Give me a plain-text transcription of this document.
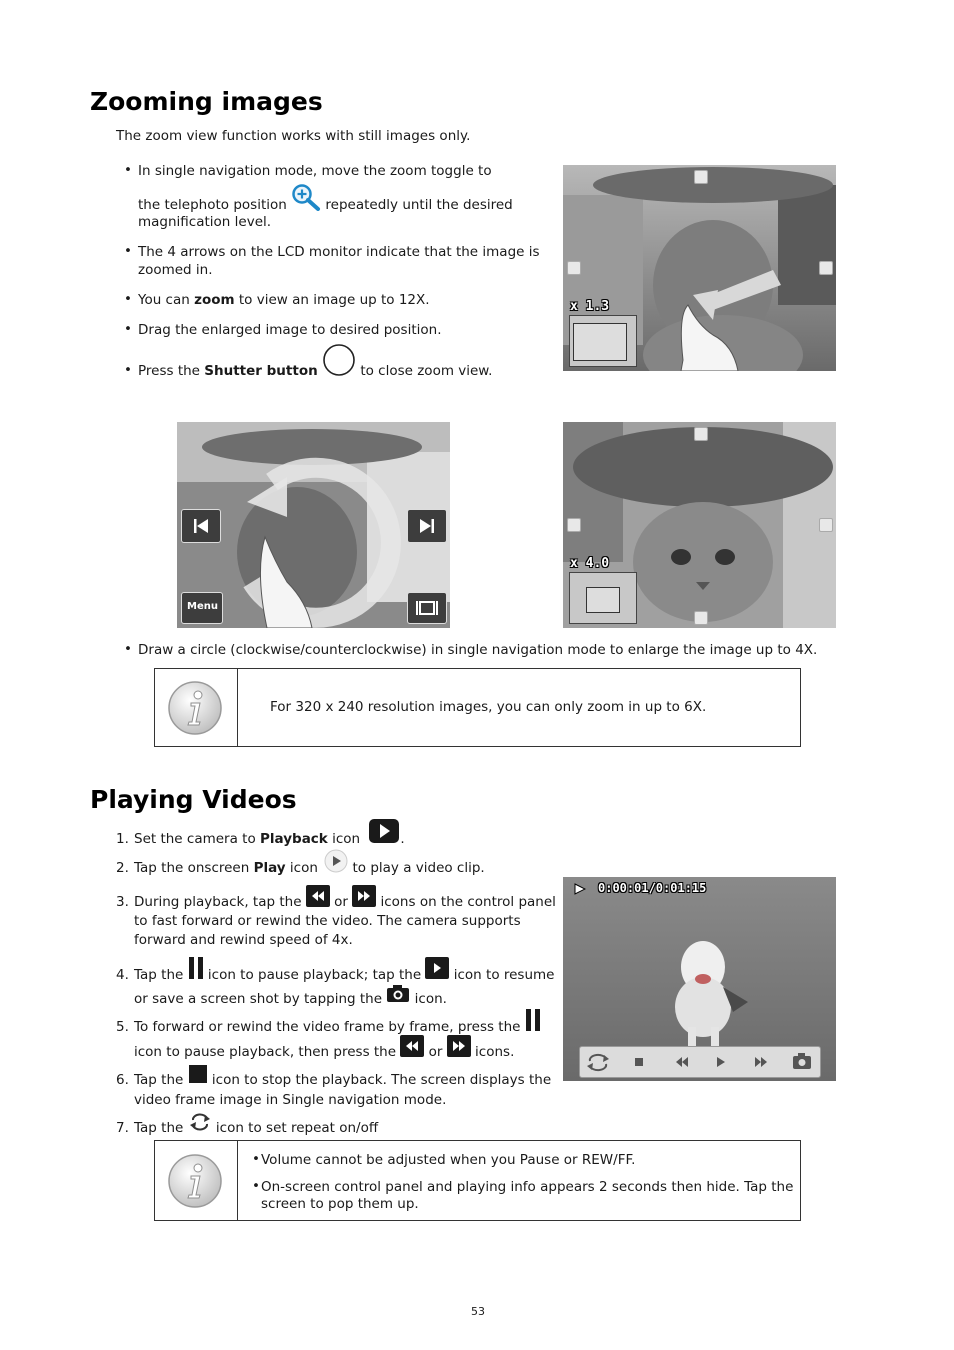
Zooming images

The zoom view function works with still images only.

• In single navigation mode, move the zoom toggle to

the telephoto position	repeatedly until the desired

magnification level.

• The 4 arrows on the LCD monitor indicate that the image is

zoomed in.

• You can zoom to view an image up to 12X.

• Drag the enlarged image to desired position.

• Press the Shutter button	to close zoom view.

x 1.3
Menu
x 4.0
• Draw a circle (clockwise/counterclockwise) in single navigation mode to enlarge the image up to 4X.

For 320 x 240 resolution images, you can only zoom in up to 6X.

Playing Videos
1. Set the camera to Playback icon	.

2. Tap the onscreen Play icon	to play a video clip.

3. During playback, tap the or icons on the control panel

to fast forward or rewind the video. The camera supports

forward and rewind speed of 4x.

4. Tap the icon to pause playback; tap the icon to resume

or save a screen shot by tapping the icon.

5. To forward or rewind the video frame by frame, press the

icon to pause playback, then press the or icons.

6. Tap the icon to stop the playback. The screen displays the

video frame image in Single navigation mode.

7. Tap the icon to set repeat on/off

0:00:01/0:01:15
• Volume cannot be adjusted when you Pause or REW/FF.

• On-screen control panel and playing info appears 2 seconds then hide. Tap the

screen to pop them up.

53
